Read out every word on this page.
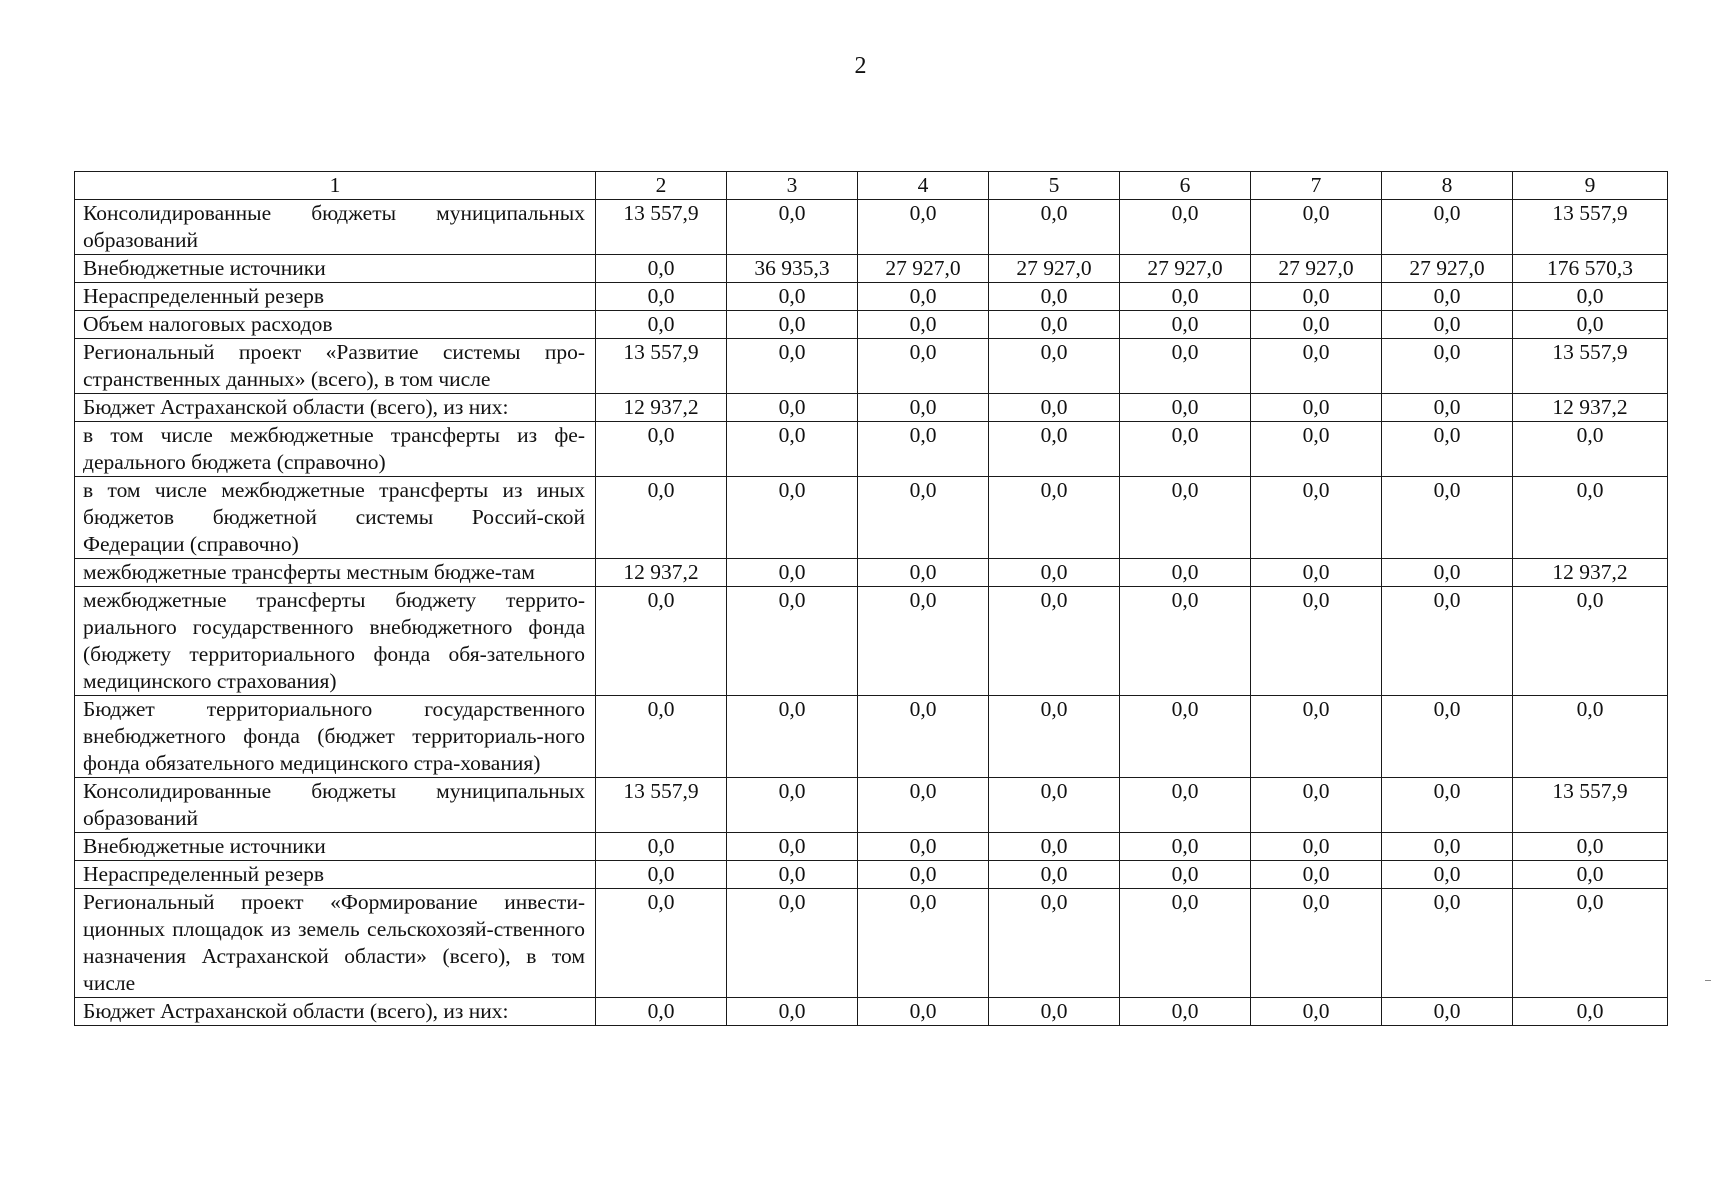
2
1	2	3	4	5	6	7	8	9
Консолидированные бюджеты муниципальных образований	13 557,9	0,0	0,0	0,0	0,0	0,0	0,0	13 557,9
Внебюджетные источники	0,0	36 935,3	27 927,0	27 927,0	27 927,0	27 927,0	27 927,0	176 570,3
Нераспределенный резерв	0,0	0,0	0,0	0,0	0,0	0,0	0,0	0,0
Объем налоговых расходов	0,0	0,0	0,0	0,0	0,0	0,0	0,0	0,0
Региональный проект «Развитие системы про-странственных данных» (всего), в том числе	13 557,9	0,0	0,0	0,0	0,0	0,0	0,0	13 557,9
Бюджет Астраханской области (всего), из них:	12 937,2	0,0	0,0	0,0	0,0	0,0	0,0	12 937,2
в том числе межбюджетные трансферты из фе-дерального бюджета (справочно)	0,0	0,0	0,0	0,0	0,0	0,0	0,0	0,0
в том числе межбюджетные трансферты из иных бюджетов бюджетной системы Россий-ской Федерации (справочно)	0,0	0,0	0,0	0,0	0,0	0,0	0,0	0,0
межбюджетные трансферты местным бюдже-там	12 937,2	0,0	0,0	0,0	0,0	0,0	0,0	12 937,2
межбюджетные трансферты бюджету террито-риального государственного внебюджетного фонда (бюджету территориального фонда обя-зательного медицинского страхования)	0,0	0,0	0,0	0,0	0,0	0,0	0,0	0,0
Бюджет территориального государственного внебюджетного фонда (бюджет территориаль-ного фонда обязательного медицинского стра-хования)	0,0	0,0	0,0	0,0	0,0	0,0	0,0	0,0
Консолидированные бюджеты муниципальных образований	13 557,9	0,0	0,0	0,0	0,0	0,0	0,0	13 557,9
Внебюджетные источники	0,0	0,0	0,0	0,0	0,0	0,0	0,0	0,0
Нераспределенный резерв	0,0	0,0	0,0	0,0	0,0	0,0	0,0	0,0
Региональный проект «Формирование инвести-ционных площадок из земель сельскохозяй-ственного назначения Астраханской области» (всего), в том числе	0,0	0,0	0,0	0,0	0,0	0,0	0,0	0,0
Бюджет Астраханской области (всего), из них:	0,0	0,0	0,0	0,0	0,0	0,0	0,0	0,0
